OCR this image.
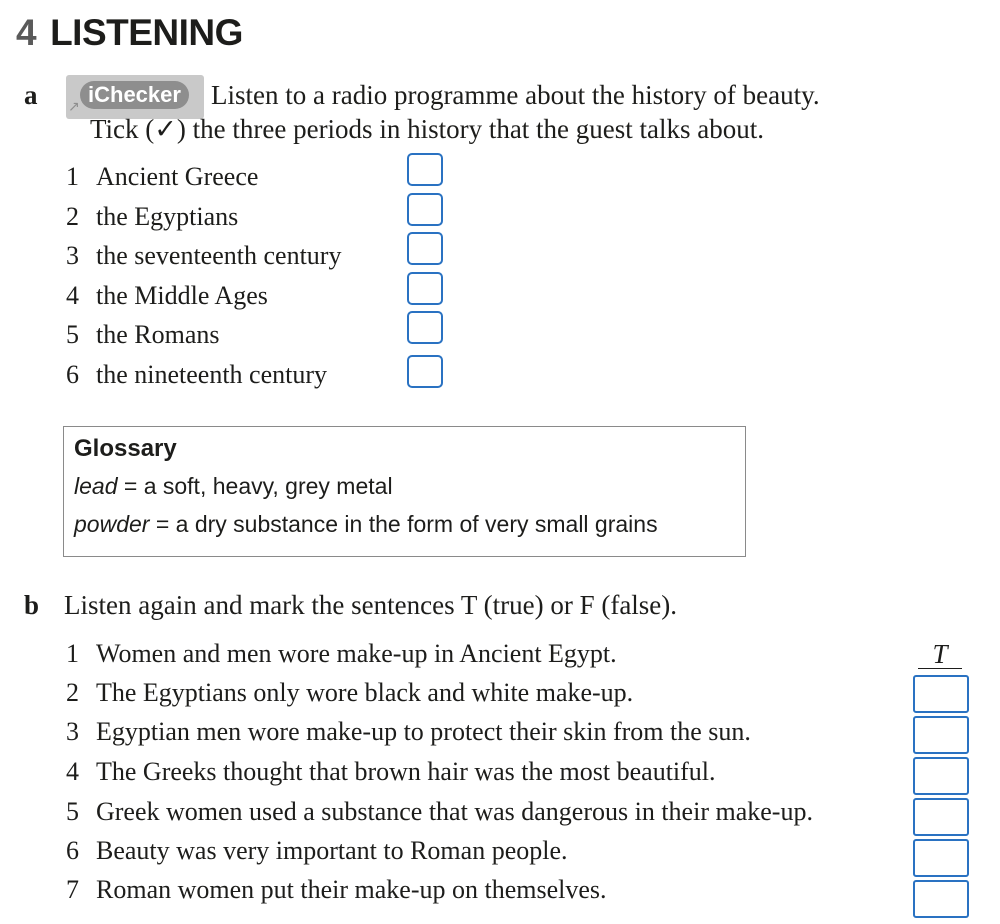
4 LISTENING
a ↗ iChecker Listen to a radio programme about the history of beauty.
Tick (✓) the three periods in history that the guest talks about.
1 Ancient Greece
2 the Egyptians
3 the seventeenth century
4 the Middle Ages
5 the Romans
6 the nineteenth century
Glossary
lead = a soft, heavy, grey metal
powder = a dry substance in the form of very small grains
b Listen again and mark the sentences T (true) or F (false).
1 Women and men wore make-up in Ancient Egypt.
2 The Egyptians only wore black and white make-up.
3 Egyptian men wore make-up to protect their skin from the sun.
4 The Greeks thought that brown hair was the most beautiful.
5 Greek women used a substance that was dangerous in their make-up.
6 Beauty was very important to Roman people.
7 Roman women put their make-up on themselves.
T
